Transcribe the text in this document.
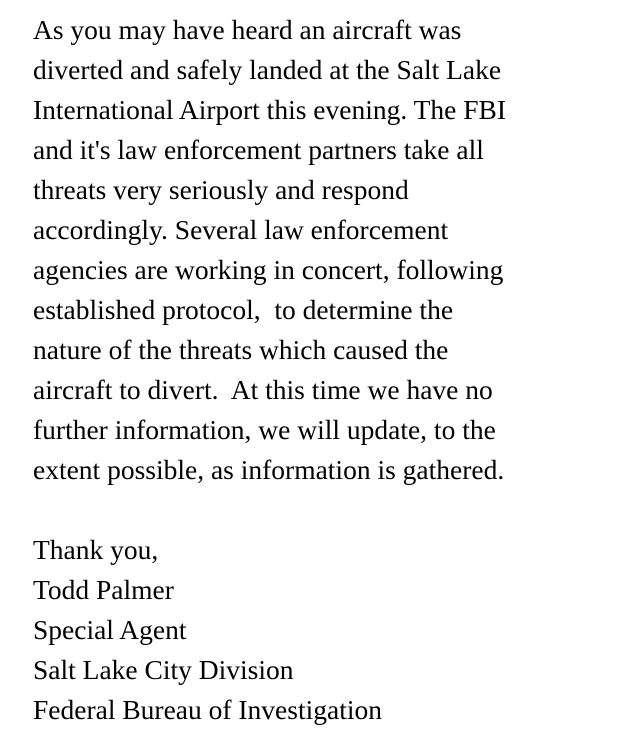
As you may have heard an aircraft was
diverted and safely landed at the Salt Lake
International Airport this evening. The FBI
and it's law enforcement partners take all
threats very seriously and respond
accordingly. Several law enforcement
agencies are working in concert, following
established protocol,  to determine the
nature of the threats which caused the
aircraft to divert.  At this time we have no
further information, we will update, to the
extent possible, as information is gathered.
Thank you,
Todd Palmer
Special Agent
Salt Lake City Division
Federal Bureau of Investigation
